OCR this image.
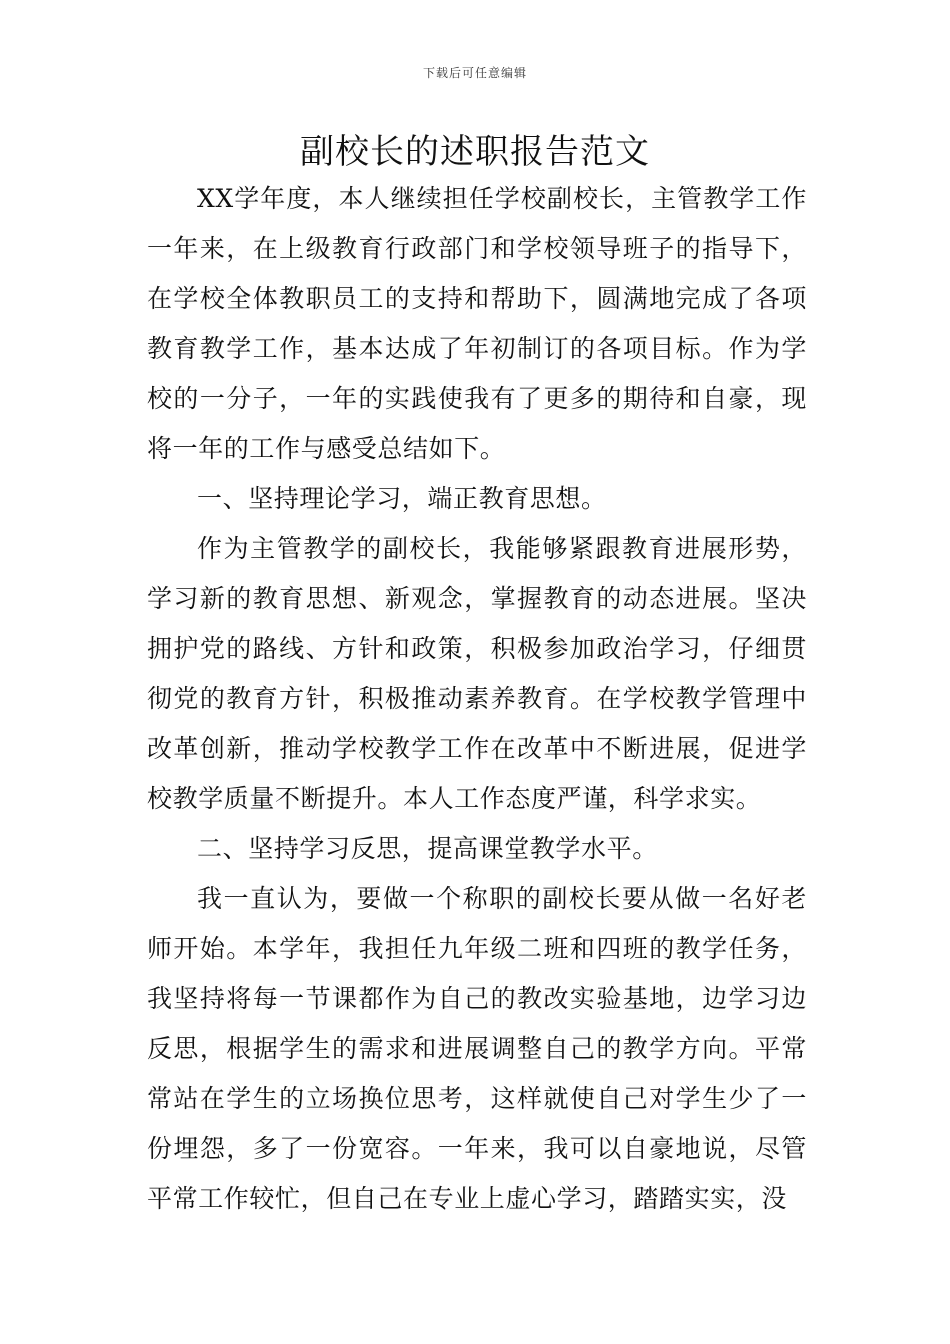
下载后可任意编辑
副校长的述职报告范文

XX学年度，本人继续担任学校副校长，主管教学工作一年来，在上级教育行政部门和学校领导班子的指导下，在学校全体教职员工的支持和帮助下，圆满地完成了各项教育教学工作，基本达成了年初制订的各项目标。作为学校的一分子，一年的实践使我有了更多的期待和自豪，现将一年的工作与感受总结如下。

一、坚持理论学习，端正教育思想。

作为主管教学的副校长，我能够紧跟教育进展形势，学习新的教育思想、新观念，掌握教育的动态进展。坚决拥护党的路线、方针和政策，积极参加政治学习，仔细贯彻党的教育方针，积极推动素养教育。在学校教学管理中改革创新，推动学校教学工作在改革中不断进展，促进学校教学质量不断提升。本人工作态度严谨，科学求实。

二、坚持学习反思，提高课堂教学水平。

我一直认为，要做一个称职的副校长要从做一名好老师开始。本学年，我担任九年级二班和四班的教学任务，我坚持将每一节课都作为自己的教改实验基地，边学习边反思，根据学生的需求和进展调整自己的教学方向。平常常站在学生的立场换位思考，这样就使自己对学生少了一份埋怨，多了一份宽容。一年来，我可以自豪地说，尽管平常工作较忙，但自己在专业上虚心学习，踏踏实实，没
